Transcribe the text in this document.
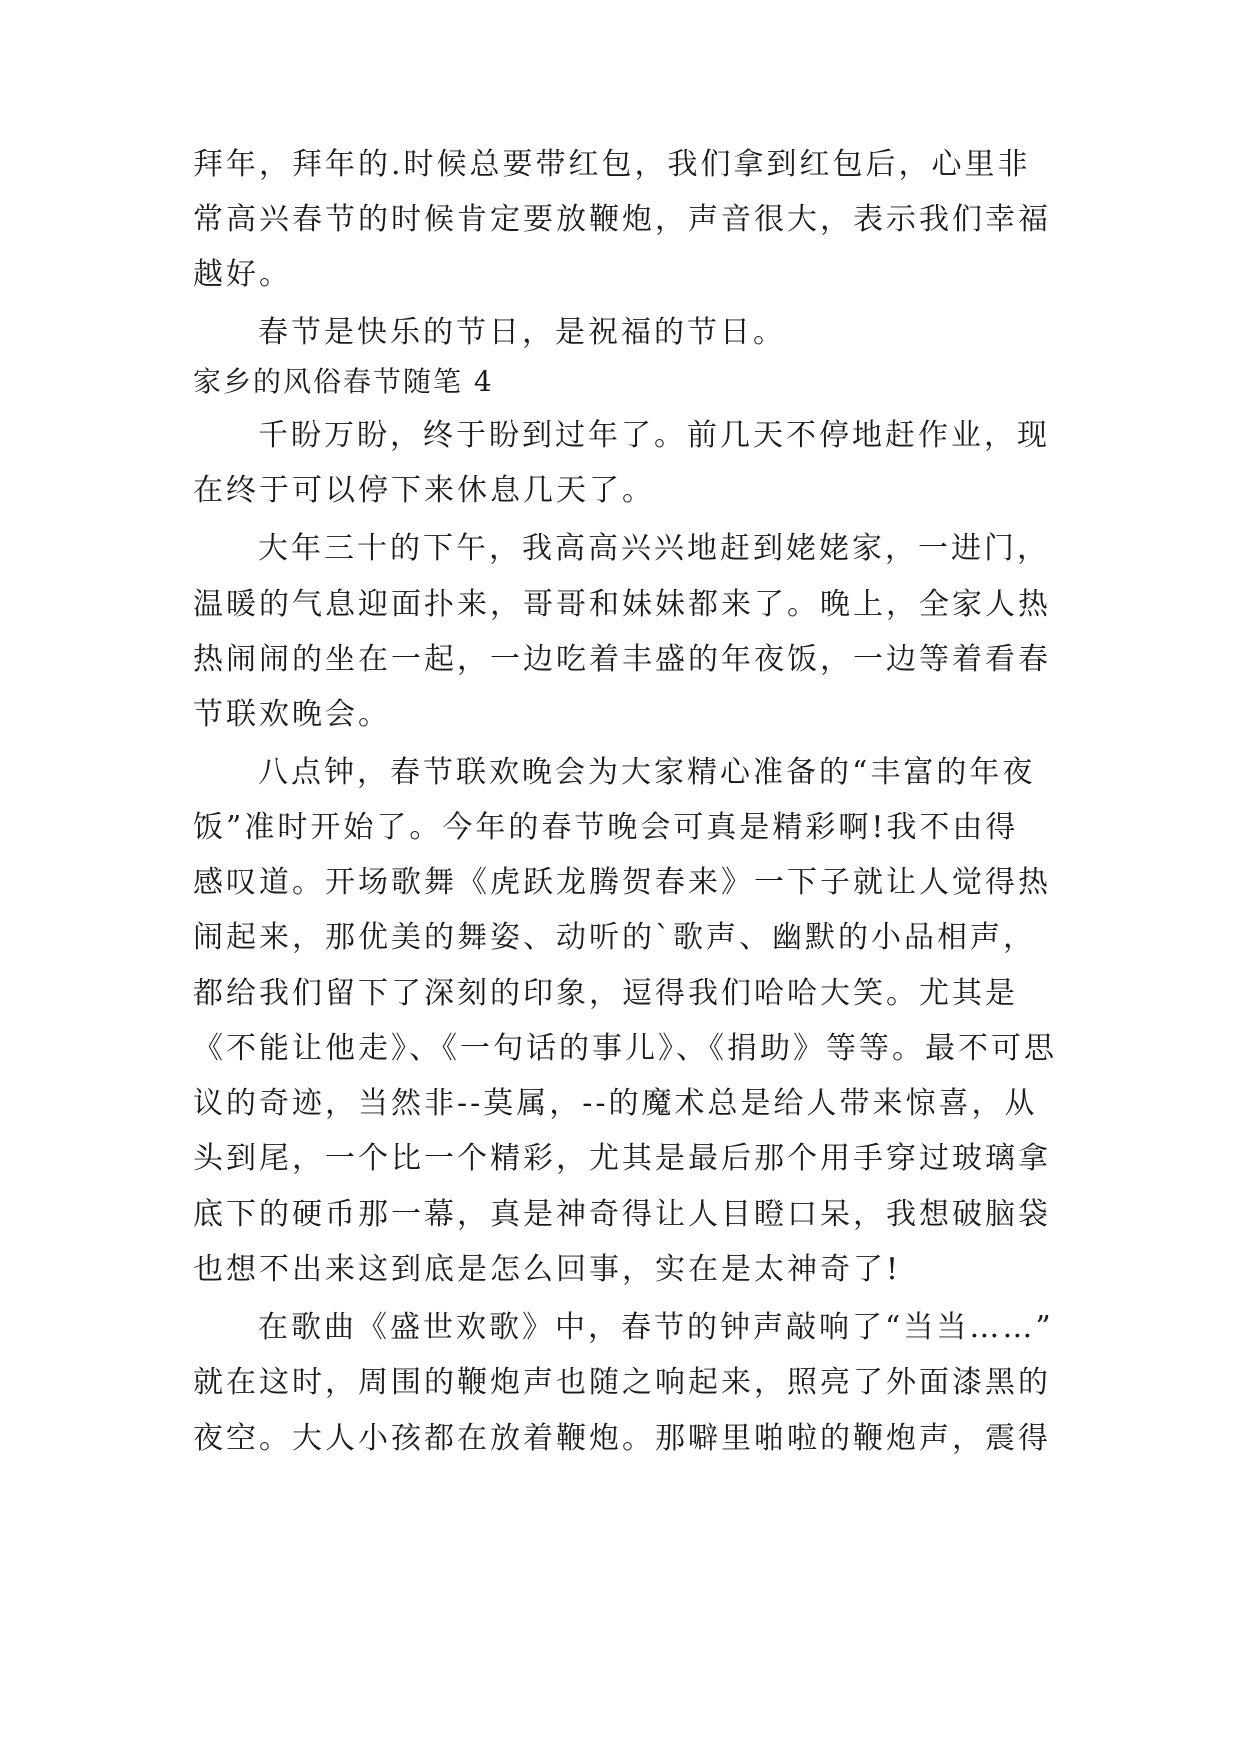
拜年，拜年的.时候总要带红包，我们拿到红包后，心里非
常高兴春节的时候肯定要放鞭炮，声音很大，表示我们幸福
越好。
春节是快乐的节日，是祝福的节日。
家乡的风俗春节随笔 4
千盼万盼，终于盼到过年了。前几天不停地赶作业，现
在终于可以停下来休息几天了。
大年三十的下午，我高高兴兴地赶到姥姥家，一进门，
温暖的气息迎面扑来，哥哥和妹妹都来了。晚上，全家人热
热闹闹的坐在一起，一边吃着丰盛的年夜饭，一边等着看春
节联欢晚会。
八点钟，春节联欢晚会为大家精心准备的“丰富的年夜
饭”准时开始了。今年的春节晚会可真是精彩啊!我不由得
感叹道。开场歌舞《虎跃龙腾贺春来》一下子就让人觉得热
闹起来，那优美的舞姿、动听的`歌声、幽默的小品相声，
都给我们留下了深刻的印象，逗得我们哈哈大笑。尤其是
《不能让他走》、《一句话的事儿》、《捐助》等等。最不可思
议的奇迹，当然非--莫属，--的魔术总是给人带来惊喜，从
头到尾，一个比一个精彩，尤其是最后那个用手穿过玻璃拿
底下的硬币那一幕，真是神奇得让人目瞪口呆，我想破脑袋
也想不出来这到底是怎么回事，实在是太神奇了!
在歌曲《盛世欢歌》中，春节的钟声敲响了“当当……”
就在这时，周围的鞭炮声也随之响起来，照亮了外面漆黑的
夜空。大人小孩都在放着鞭炮。那噼里啪啦的鞭炮声，震得
